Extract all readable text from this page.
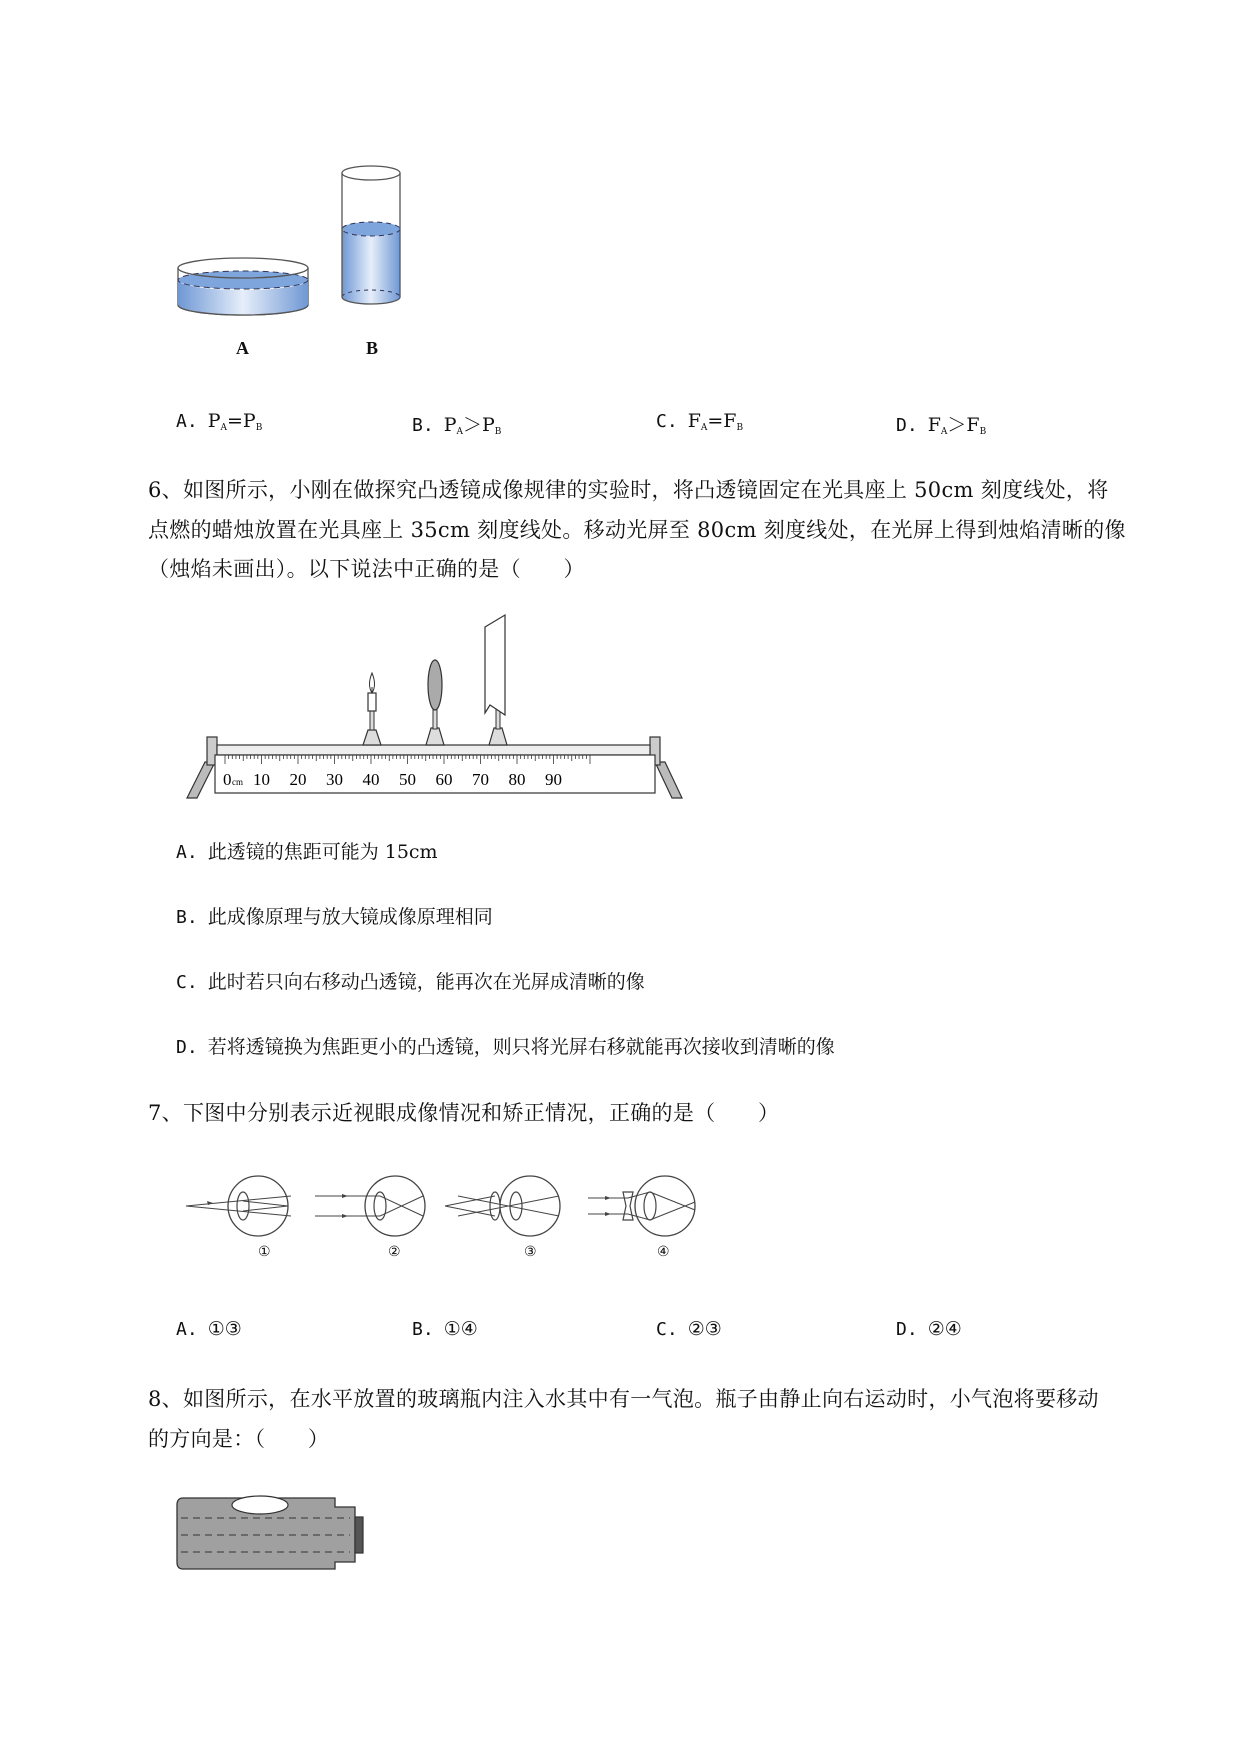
A	B
A. $P_A=P_B$	B. $P_A>P_B$	C. $F_A=F_B$	D. $F_A>F_B$
6、如图所示，小刚在做探究凸透镜成像规律的实验时，将凸透镜固定在光具座上 50cm 刻度线处，将
点燃的蜡烛放置在光具座上 35cm 刻度线处。移动光屏至 80cm 刻度线处，在光屏上得到烛焰清晰的像
（烛焰未画出）。以下说法中正确的是（　　）
0 cm 10 20 30 40 50 60 70 80 90
A. 此透镜的焦距可能为 15cm
B. 此成像原理与放大镜成像原理相同
C. 此时若只向右移动凸透镜，能再次在光屏成清晰的像
D. 若将透镜换为焦距更小的凸透镜，则只将光屏右移就能再次接收到清晰的像
7、下图中分别表示近视眼成像情况和矫正情况，正确的是（　　）
①	②	③	④
A. ①③	B. ①④	C. ②③	D. ②④
8、如图所示，在水平放置的玻璃瓶内注入水其中有一气泡。瓶子由静止向右运动时，小气泡将要移动
的方向是：（　　）
